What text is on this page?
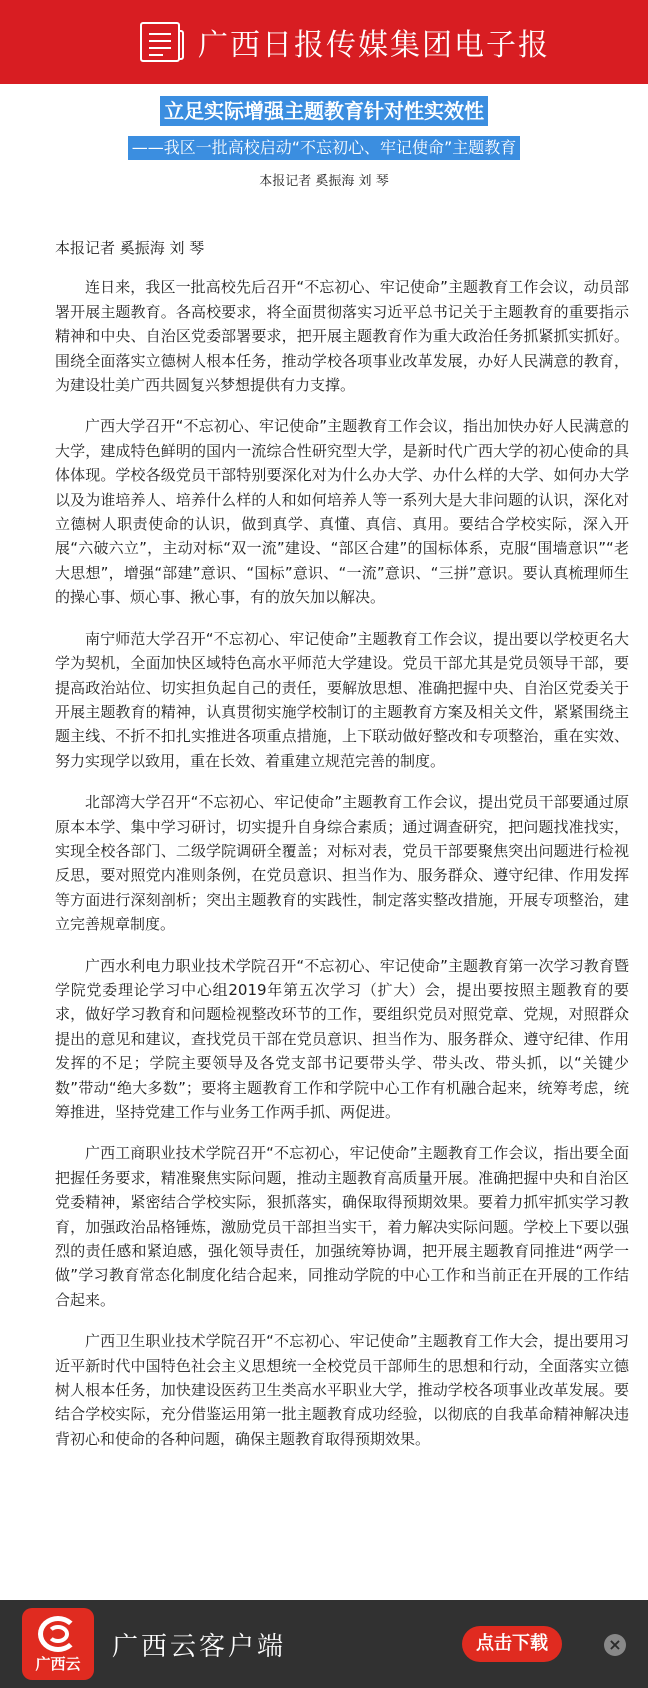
广西日报传媒集团电子报
立足实际增强主题教育针对性实效性
——我区一批高校启动“不忘初心、牢记使命”主题教育
本报记者 奚振海 刘 琴

本报记者 奚振海 刘 琴

连日来，我区一批高校先后召开“不忘初心、牢记使命”主题教育工作会议，动员部署开展主题教育。各高校要求，将全面贯彻落实习近平总书记关于主题教育的重要指示精神和中央、自治区党委部署要求，把开展主题教育作为重大政治任务抓紧抓实抓好。围绕全面落实立德树人根本任务，推动学校各项事业改革发展，办好人民满意的教育，为建设壮美广西共圆复兴梦想提供有力支撑。

广西大学召开“不忘初心、牢记使命”主题教育工作会议，指出加快办好人民满意的大学，建成特色鲜明的国内一流综合性研究型大学，是新时代广西大学的初心使命的具体体现。学校各级党员干部特别要深化对为什么办大学、办什么样的大学、如何办大学以及为谁培养人、培养什么样的人和如何培养人等一系列大是大非问题的认识，深化对立德树人职责使命的认识，做到真学、真懂、真信、真用。要结合学校实际，深入开展“六破六立”，主动对标“双一流”建设、“部区合建”的国标体系，克服“围墙意识”“老大思想”，增强“部建”意识、“国标”意识、“一流”意识、“三拼”意识。要认真梳理师生的操心事、烦心事、揪心事，有的放矢加以解决。

南宁师范大学召开“不忘初心、牢记使命”主题教育工作会议，提出要以学校更名大学为契机，全面加快区域特色高水平师范大学建设。党员干部尤其是党员领导干部，要提高政治站位、切实担负起自己的责任，要解放思想、准确把握中央、自治区党委关于开展主题教育的精神，认真贯彻实施学校制订的主题教育方案及相关文件，紧紧围绕主题主线、不折不扣扎实推进各项重点措施，上下联动做好整改和专项整治，重在实效、努力实现学以致用，重在长效、着重建立规范完善的制度。

北部湾大学召开“不忘初心、牢记使命”主题教育工作会议，提出党员干部要通过原原本本学、集中学习研讨，切实提升自身综合素质；通过调查研究，把问题找准找实，实现全校各部门、二级学院调研全覆盖；对标对表，党员干部要聚焦突出问题进行检视反思，要对照党内准则条例，在党员意识、担当作为、服务群众、遵守纪律、作用发挥等方面进行深刻剖析；突出主题教育的实践性，制定落实整改措施，开展专项整治，建立完善规章制度。

广西水利电力职业技术学院召开“不忘初心、牢记使命”主题教育第一次学习教育暨学院党委理论学习中心组2019年第五次学习（扩大）会，提出要按照主题教育的要求，做好学习教育和问题检视整改环节的工作，要组织党员对照党章、党规，对照群众提出的意见和建议，查找党员干部在党员意识、担当作为、服务群众、遵守纪律、作用发挥的不足；学院主要领导及各党支部书记要带头学、带头改、带头抓，以“关键少数”带动“绝大多数”；要将主题教育工作和学院中心工作有机融合起来，统筹考虑，统筹推进，坚持党建工作与业务工作两手抓、两促进。

广西工商职业技术学院召开“不忘初心，牢记使命”主题教育工作会议，指出要全面把握任务要求，精准聚焦实际问题，推动主题教育高质量开展。准确把握中央和自治区党委精神，紧密结合学校实际，狠抓落实，确保取得预期效果。要着力抓牢抓实学习教育，加强政治品格锤炼，激励党员干部担当实干，着力解决实际问题。学校上下要以强烈的责任感和紧迫感，强化领导责任，加强统筹协调，把开展主题教育同推进“两学一做”学习教育常态化制度化结合起来，同推动学院的中心工作和当前正在开展的工作结合起来。

广西卫生职业技术学院召开“不忘初心、牢记使命”主题教育工作大会，提出要用习近平新时代中国特色社会主义思想统一全校党员干部师生的思想和行动，全面落实立德树人根本任务，加快建设医药卫生类高水平职业大学，推动学校各项事业改革发展。要结合学校实际，充分借鉴运用第一批主题教育成功经验，以彻底的自我革命精神解决违背初心和使命的各种问题，确保主题教育取得预期效果。

广西云
广西云客户端	点击下载	×
